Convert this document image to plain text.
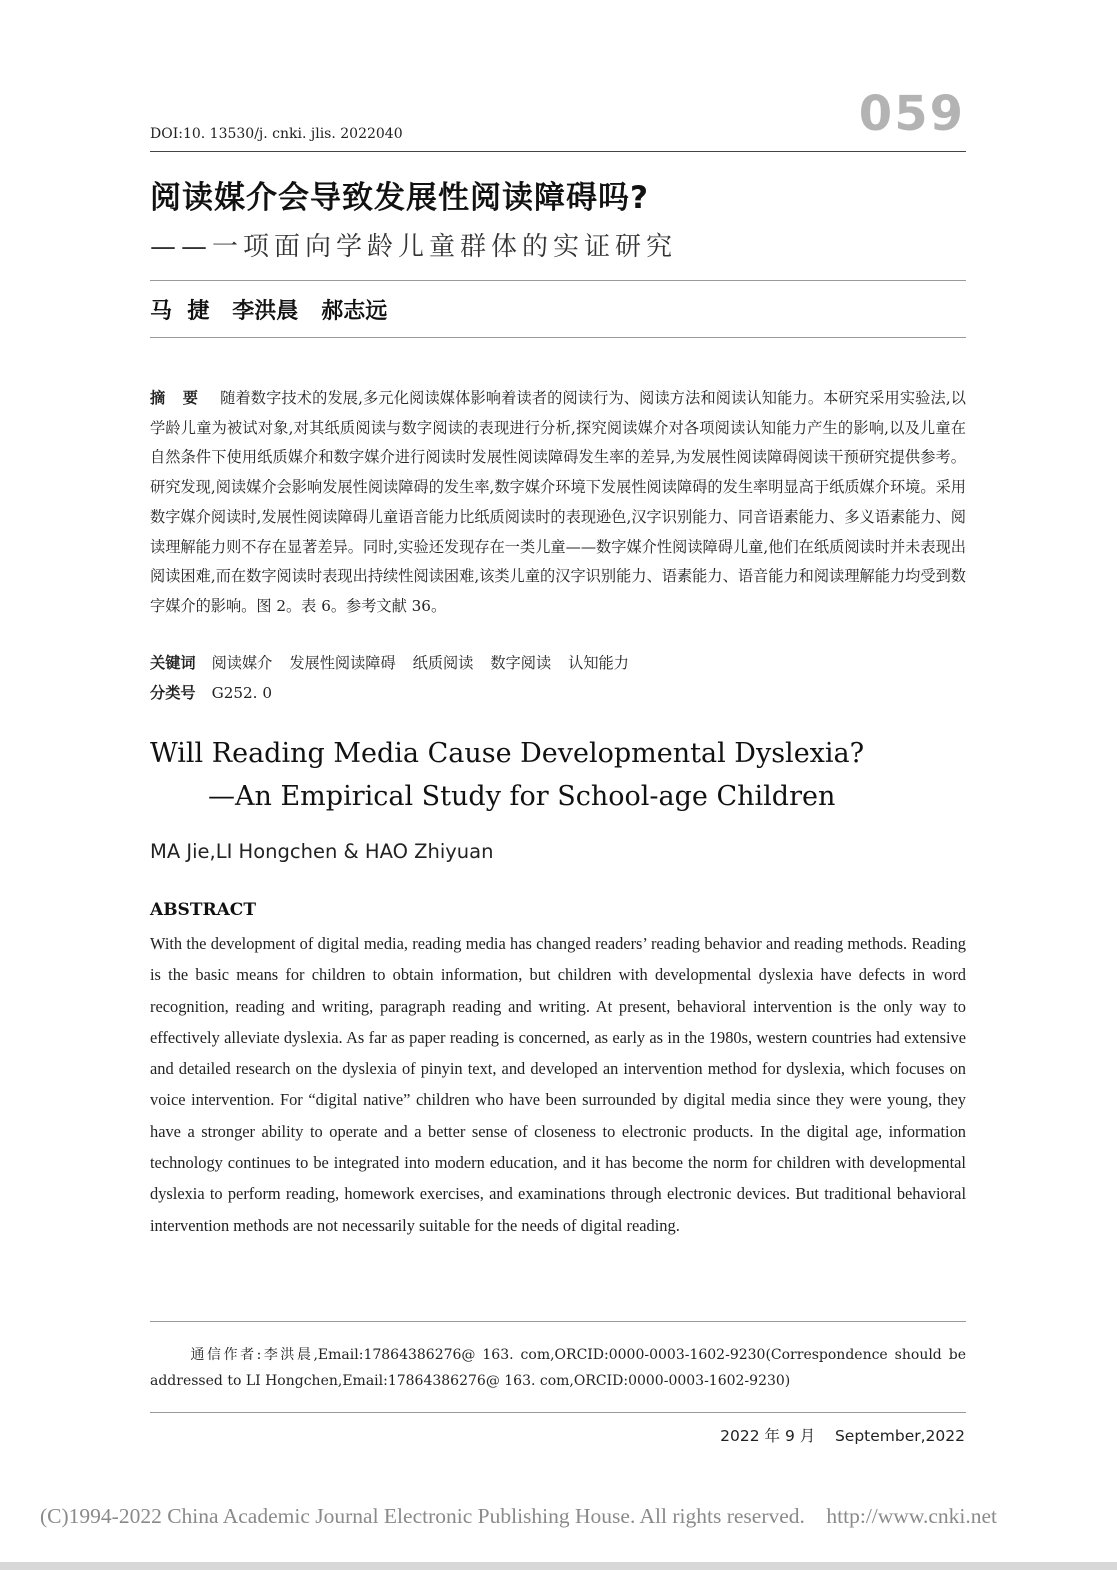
DOI:10. 13530/j. cnki. jlis. 2022040	059
阅读媒介会导致发展性阅读障碍吗?
——一项面向学龄儿童群体的实证研究
马  捷   李洪晨   郝志远
摘 要 随着数字技术的发展,多元化阅读媒体影响着读者的阅读行为、阅读方法和阅读认知能力。本研究采用实验法,以学龄儿童为被试对象,对其纸质阅读与数字阅读的表现进行分析,探究阅读媒介对各项阅读认知能力产生的影响,以及儿童在自然条件下使用纸质媒介和数字媒介进行阅读时发展性阅读障碍发生率的差异,为发展性阅读障碍阅读干预研究提供参考。研究发现,阅读媒介会影响发展性阅读障碍的发生率,数字媒介环境下发展性阅读障碍的发生率明显高于纸质媒介环境。采用数字媒介阅读时,发展性阅读障碍儿童语音能力比纸质阅读时的表现逊色,汉字识别能力、同音语素能力、多义语素能力、阅读理解能力则不存在显著差异。同时,实验还发现存在一类儿童——数字媒介性阅读障碍儿童,他们在纸质阅读时并未表现出阅读困难,而在数字阅读时表现出持续性阅读困难,该类儿童的汉字识别能力、语素能力、语音能力和阅读理解能力均受到数字媒介的影响。图 2。表 6。参考文献 36。
关键词 阅读媒介 发展性阅读障碍 纸质阅读 数字阅读 认知能力
分类号 G252. 0
Will Reading Media Cause Developmental Dyslexia?
—An Empirical Study for School-age Children
MA Jie,LI Hongchen & HAO Zhiyuan
ABSTRACT
With the development of digital media, reading media has changed readers’ reading behavior and reading methods. Reading is the basic means for children to obtain information, but children with developmental dyslexia have defects in word recognition, reading and writing, paragraph reading and writing. At present, behavioral intervention is the only way to effectively alleviate dyslexia. As far as paper reading is concerned, as early as in the 1980s, western countries had extensive and detailed research on the dyslexia of pinyin text, and developed an intervention method for dyslexia, which focuses on voice intervention. For “digital native” children who have been surrounded by digital media since they were young, they have a stronger ability to operate and a better sense of closeness to electronic products. In the digital age, information technology continues to be integrated into modern education, and it has become the norm for children with developmental dyslexia to perform reading, homework exercises, and examinations through electronic devices. But traditional behavioral intervention methods are not necessarily suitable for the needs of digital reading.
通信作者:李洪晨,Email:17864386276@ 163. com,ORCID:0000-0003-1602-9230(Correspondence should be addressed to LI Hongchen,Email:17864386276@ 163. com,ORCID:0000-0003-1602-9230)
2022 年 9 月    September,2022
(C)1994-2022 China Academic Journal Electronic Publishing House. All rights reserved.    http://www.cnki.net
